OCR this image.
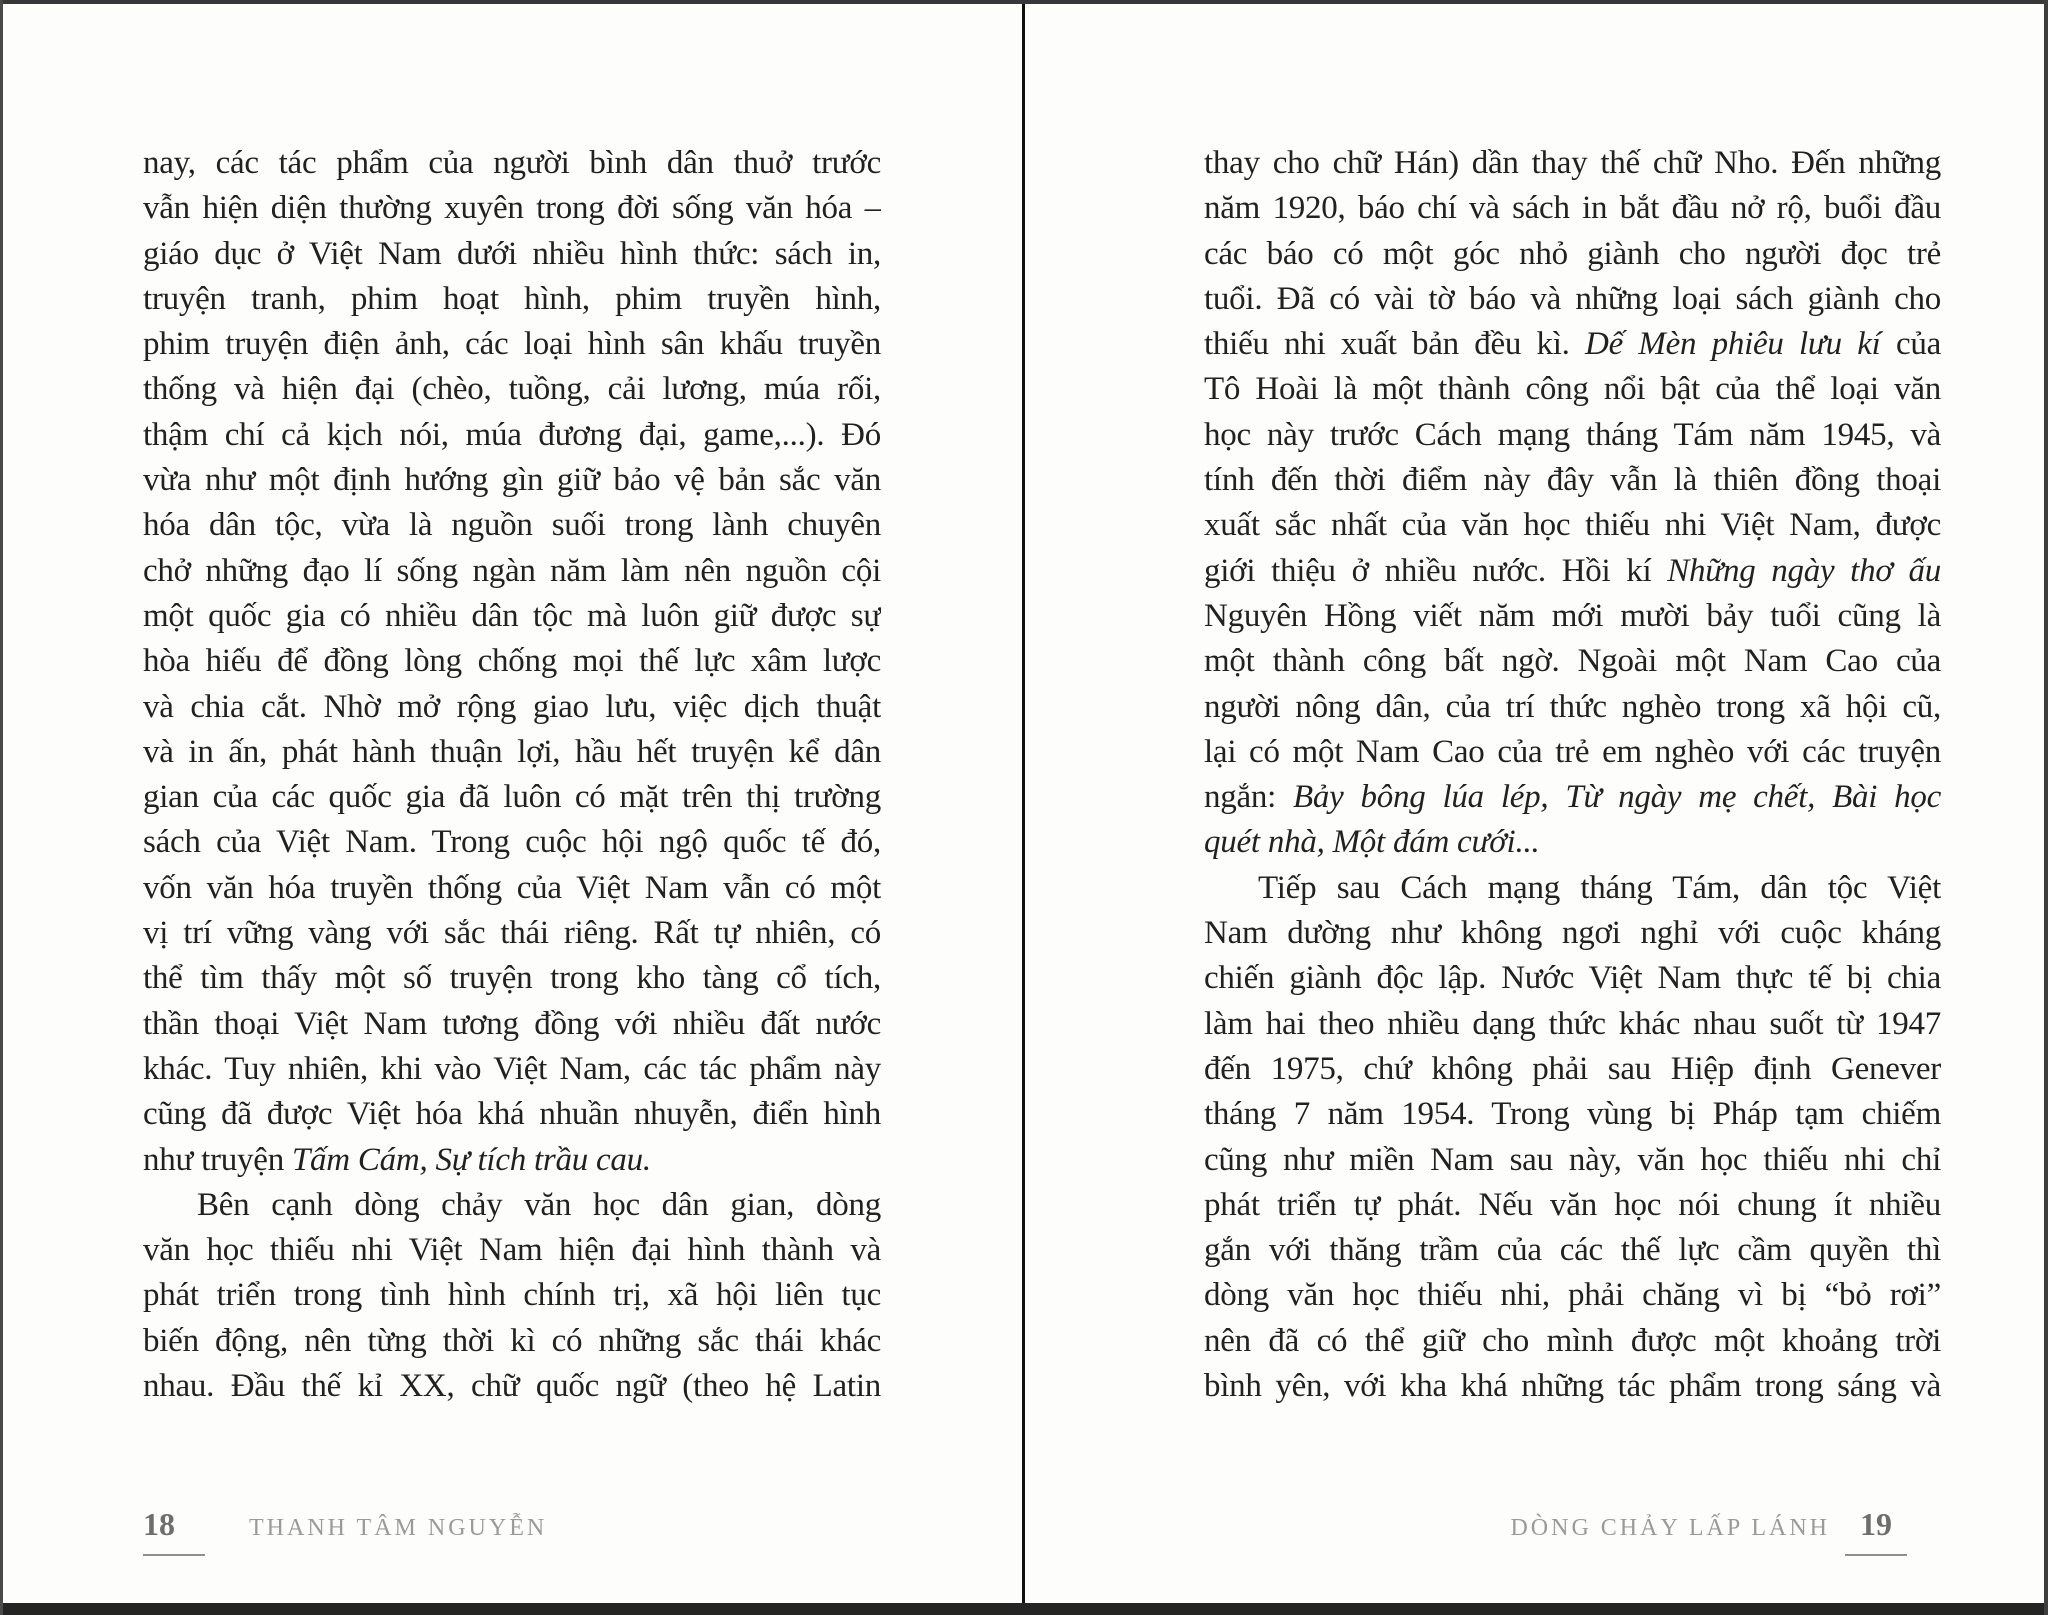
nay, các tác phẩm của người bình dân thuở trước
vẫn hiện diện thường xuyên trong đời sống văn hóa –
giáo dục ở Việt Nam dưới nhiều hình thức: sách in,
truyện tranh, phim hoạt hình, phim truyền hình,
phim truyện điện ảnh, các loại hình sân khấu truyền
thống và hiện đại (chèo, tuồng, cải lương, múa rối,
thậm chí cả kịch nói, múa đương đại, game,...). Đó
vừa như một định hướng gìn giữ bảo vệ bản sắc văn
hóa dân tộc, vừa là nguồn suối trong lành chuyên
chở những đạo lí sống ngàn năm làm nên nguồn cội
một quốc gia có nhiều dân tộc mà luôn giữ được sự
hòa hiếu để đồng lòng chống mọi thế lực xâm lược
và chia cắt. Nhờ mở rộng giao lưu, việc dịch thuật
và in ấn, phát hành thuận lợi, hầu hết truyện kể dân
gian của các quốc gia đã luôn có mặt trên thị trường
sách của Việt Nam. Trong cuộc hội ngộ quốc tế đó,
vốn văn hóa truyền thống của Việt Nam vẫn có một
vị trí vững vàng với sắc thái riêng. Rất tự nhiên, có
thể tìm thấy một số truyện trong kho tàng cổ tích,
thần thoại Việt Nam tương đồng với nhiều đất nước
khác. Tuy nhiên, khi vào Việt Nam, các tác phẩm này
cũng đã được Việt hóa khá nhuần nhuyễn, điển hình
như truyện Tấm Cám, Sự tích trầu cau.
Bên cạnh dòng chảy văn học dân gian, dòng
văn học thiếu nhi Việt Nam hiện đại hình thành và
phát triển trong tình hình chính trị, xã hội liên tục
biến động, nên từng thời kì có những sắc thái khác
nhau. Đầu thế kỉ XX, chữ quốc ngữ (theo hệ Latin
18	THANH TÂM NGUYỄN
thay cho chữ Hán) dần thay thế chữ Nho. Đến những
năm 1920, báo chí và sách in bắt đầu nở rộ, buổi đầu
các báo có một góc nhỏ giành cho người đọc trẻ
tuổi. Đã có vài tờ báo và những loại sách giành cho
thiếu nhi xuất bản đều kì. Dế Mèn phiêu lưu kí của
Tô Hoài là một thành công nổi bật của thể loại văn
học này trước Cách mạng tháng Tám năm 1945, và
tính đến thời điểm này đây vẫn là thiên đồng thoại
xuất sắc nhất của văn học thiếu nhi Việt Nam, được
giới thiệu ở nhiều nước. Hồi kí Những ngày thơ ấu
Nguyên Hồng viết năm mới mười bảy tuổi cũng là
một thành công bất ngờ. Ngoài một Nam Cao của
người nông dân, của trí thức nghèo trong xã hội cũ,
lại có một Nam Cao của trẻ em nghèo với các truyện
ngắn: Bảy bông lúa lép, Từ ngày mẹ chết, Bài học
quét nhà, Một đám cưới...
Tiếp sau Cách mạng tháng Tám, dân tộc Việt
Nam dường như không ngơi nghỉ với cuộc kháng
chiến giành độc lập. Nước Việt Nam thực tế bị chia
làm hai theo nhiều dạng thức khác nhau suốt từ 1947
đến 1975, chứ không phải sau Hiệp định Genever
tháng 7 năm 1954. Trong vùng bị Pháp tạm chiếm
cũng như miền Nam sau này, văn học thiếu nhi chỉ
phát triển tự phát. Nếu văn học nói chung ít nhiều
gắn với thăng trầm của các thế lực cầm quyền thì
dòng văn học thiếu nhi, phải chăng vì bị “bỏ rơi”
nên đã có thể giữ cho mình được một khoảng trời
bình yên, với kha khá những tác phẩm trong sáng và
DÒNG CHẢY LẤP LÁNH 19
